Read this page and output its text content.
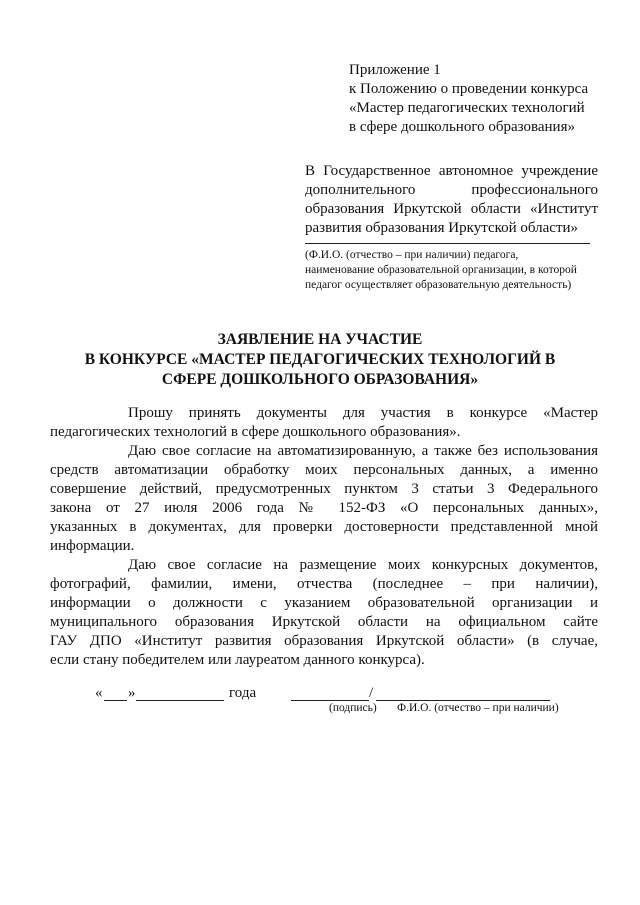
Приложение 1
к Положению о проведении конкурса
«Мастер педагогических технологий
в сфере дошкольного образования»
В Государственное автономное учреждение
дополнительного профессионального
образования Иркутской области «Институт
развития образования Иркутской области»
(Ф.И.О. (отчество – при наличии) педагога,
наименование образовательной организации, в которой
педагог осуществляет образовательную деятельность)
ЗАЯВЛЕНИЕ НА УЧАСТИЕ
В КОНКУРСЕ «МАСТЕР ПЕДАГОГИЧЕСКИХ ТЕХНОЛОГИЙ В
СФЕРЕ ДОШКОЛЬНОГО ОБРАЗОВАНИЯ»
Прошу принять документы для участия в конкурсе «Мастер
педагогических технологий в сфере дошкольного образования».
Даю свое согласие на автоматизированную, а также без использования
средств автоматизации обработку моих персональных данных, а именно
совершение действий, предусмотренных пунктом 3 статьи 3 Федерального
закона от 27 июля 2006 года № 152-ФЗ «О персональных данных»,
указанных в документах, для проверки достоверности представленной мной
информации.
Даю свое согласие на размещение моих конкурсных документов,
фотографий, фамилии, имени, отчества (последнее – при наличии),
информации о должности с указанием образовательной организации и
муниципального образования Иркутской области на официальном сайте
ГАУ ДПО «Институт развития образования Иркутской области» (в случае,
если стану победителем или лауреатом данного конкурса).
« »	года	/
(подпись) Ф.И.О. (отчество – при наличии)
